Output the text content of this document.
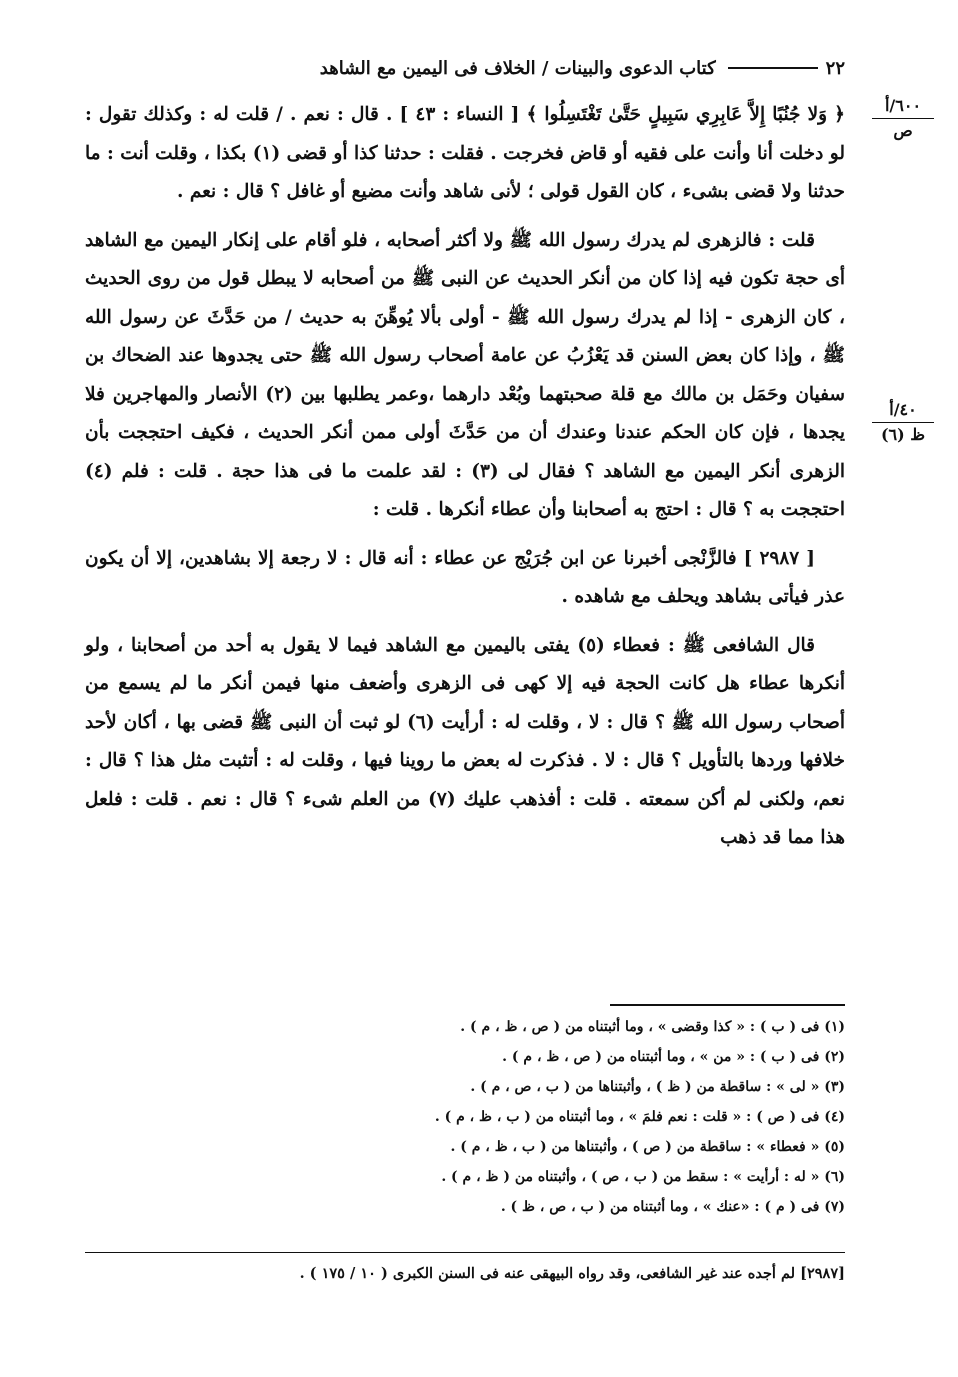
٢٢
كتاب الدعوى والبينات / الخلاف فى اليمين مع الشاهد
٦٠٠/أ
ص
٤٠/أ
ظ (٦)

﴿ وَلا جُنُبًا إِلاَّ عَابِرِي سَبِيلٍ حَتَّىٰ تَغْتَسِلُوا ﴾ [ النساء : ٤٣ ] . قال : نعم . / قلت له : وكذلك تقول : لو دخلت أنا وأنت على فقيه أو قاض فخرجت . فقلت : حدثنا كذا أو قضى (١) بكذا ، وقلت أنت : ما حدثنا ولا قضى بشىء ، كان القول قولى ؛ لأنى شاهد وأنت مضيع أو غافل ؟ قال : نعم .

قلت : فالزهرى لم يدرك رسول الله ﷺ ولا أكثر أصحابه ، فلو أقام على إنكار اليمين مع الشاهد أى حجة تكون فيه إذا كان من أنكر الحديث عن النبى ﷺ من أصحابه لا يبطل قول من روى الحديث ، كان الزهرى - إذا لم يدرك رسول الله ﷺ - أولى بألا يُوهِّنَ به حديث / من حَدَّثَ عن رسول الله ﷺ ، وإذا كان بعض السنن قد يَعْزُبُ عن عامة أصحاب رسول الله ﷺ حتى يجدوها عند الضحاك بن سفيان وحَمَل بن مالك مع قلة صحبتهما وبُعْد دارهما ،وعمر يطلبها بين (٢) الأنصار والمهاجرين فلا يجدها ، فإن كان الحكم عندنا وعندك أن من حَدَّثَ أولى ممن أنكر الحديث ، فكيف احتججت بأن الزهرى أنكر اليمين مع الشاهد ؟ فقال لى (٣) : لقد علمت ما فى هذا حجة . قلت : فلم (٤) احتججت به ؟ قال : احتج به أصحابنا وأن عطاء أنكرها . قلت :

[ ٢٩٨٧ ] فالزَّنْجى أخبرنا عن ابن جُرَيْج عن عطاء : أنه قال : لا رجعة إلا بشاهدين، إلا أن يكون عذر فيأتى بشاهد ويحلف مع شاهده .

قال الشافعى ﷺ : فعطاء (٥) يفتى باليمين مع الشاهد فيما لا يقول به أحد من أصحابنا ، ولو أنكرها عطاء هل كانت الحجة فيه إلا كهى فى الزهرى وأضعف منها فيمن أنكر ما لم يسمع من أصحاب رسول الله ﷺ ؟ قال : لا ، وقلت له : أرأيت (٦) لو ثبت أن النبى ﷺ قضى بها ، أكان لأحد خلافها وردها بالتأويل ؟ قال : لا . فذكرت له بعض ما روينا فيها ، وقلت له : أتثبت مثل هذا ؟ قال : نعم، ولكنى لم أكن سمعته . قلت : أفذهب عليك (٧) من العلم شىء ؟ قال : نعم . قلت : فلعل هذا مما قد ذهب

(١) فى ( ب ) : « كذا وقضى » ، وما أثبتناه من ( ص ، ظ ، م ) .
(٢) فى ( ب ) : « من » ، وما أثبتناه من ( ص ، ظ ، م ) .
(٣) « لى » : ساقطة من ( ظ ) ، وأثبتناها من ( ب ، ص ، م ) .
(٤) فى ( ص ) : « قلت : نعم فلمَ » ، وما أثبتناه من ( ب ، ظ ، م ) .
(٥) « فعطاء » : ساقطة من ( ص ) ، وأثبتناها من ( ب ، ظ ، م ) .
(٦) « له : أرأيت » : سقط من ( ب ، ص ) ، وأثبتناه من ( ظ ، م ) .
(٧) فى ( م ) : «عنك » ، وما أثبتناه من ( ب ، ص ، ظ ) .
[٢٩٨٧] لم أجده عند غير الشافعى، وقد رواه البيهقى عنه فى السنن الكبرى ( ١٠ / ١٧٥ ) .
